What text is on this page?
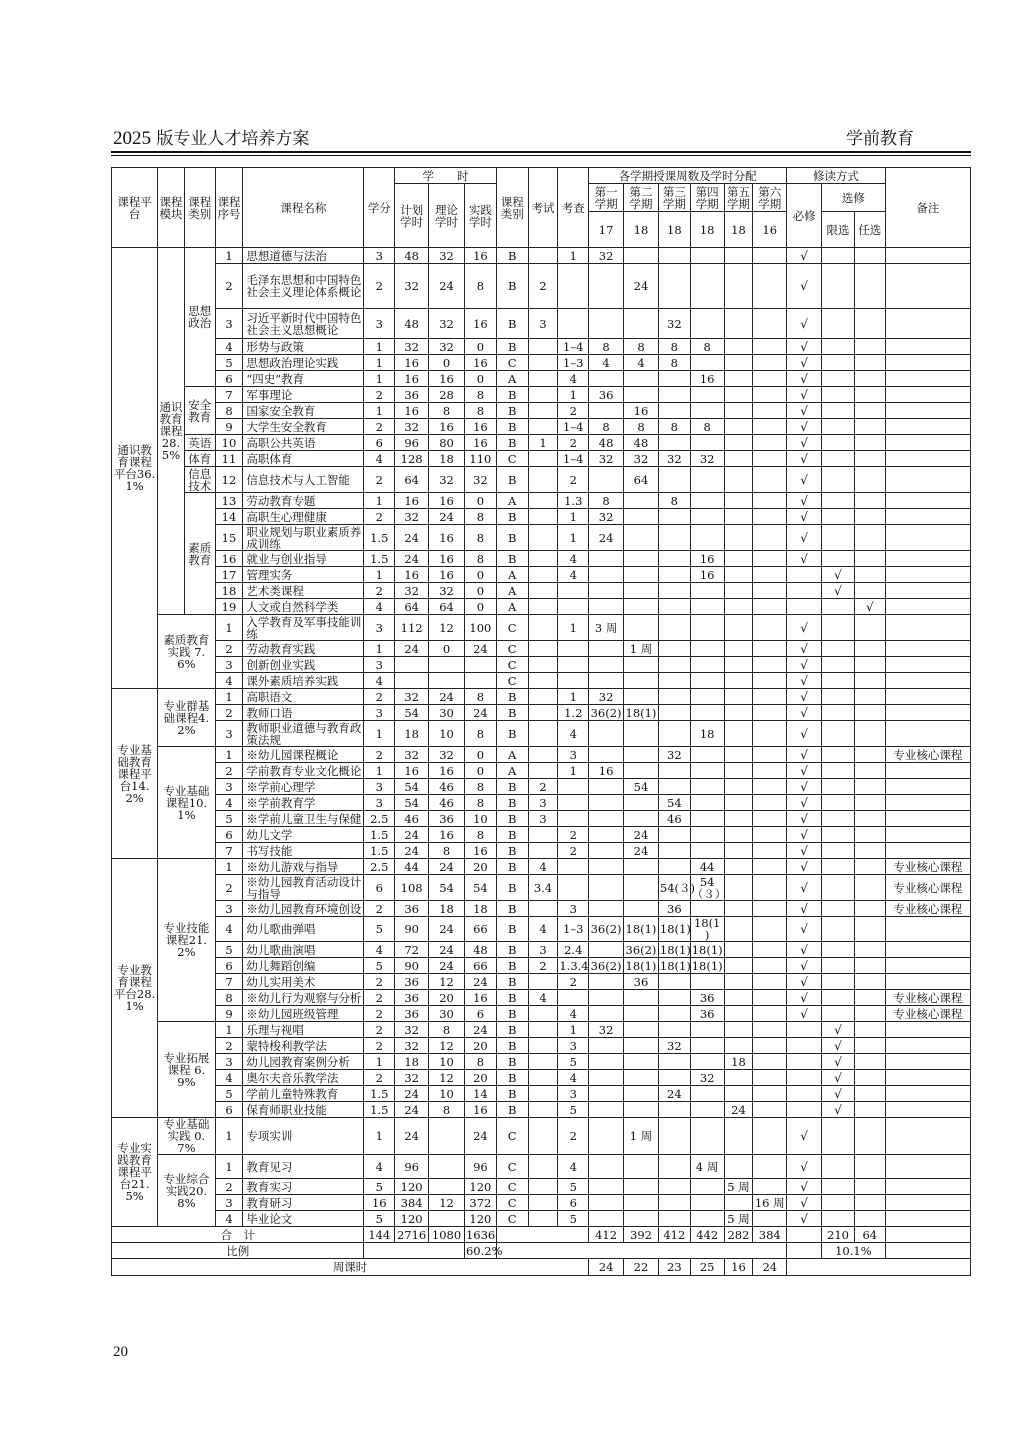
2025 版专业人才培养方案	学前教育
课程平台	课程模块	课程类别	课程序号	课程名称	学分	学　　时			课程类别	考试	考查	各学期授课周数及学时分配						修读方式			备注
						计划学时	理论学时	实践学时				第一学期	第二学期	第三学期	第四学期	第五学期	第六学期	必修	选修		
												17	18	18	18	18	16		限选	任选	
通识教育课程平台36.1%	通识教育课程28.5%	思想政治	1	思想道德与法治	3	48	32	16	B		1	32						√			
			2	毛泽东思想和中国特色社会主义理论体系概论	2	32	24	8	B	2			24					√			
			3	习近平新时代中国特色社会主义思想概论	3	48	32	16	B	3				32				√			
			4	形势与政策	1	32	32	0	B		1–4	8	8	8	8			√			
			5	思想政治理论实践	1	16	0	16	C		1–3	4	4	8				√			
			6	“四史”教育	1	16	16	0	A		4				16			√			
		安全教育	7	军事理论	2	36	28	8	B		1	36						√			
			8	国家安全教育	1	16	8	8	B		2		16					√			
			9	大学生安全教育	2	32	16	16	B		1–4	8	8	8	8			√			
		英语	10	高职公共英语	6	96	80	16	B	1	2	48	48					√			
		体育	11	高职体育	4	128	18	110	C		1–4	32	32	32	32			√			
		信息技术	12	信息技术与人工智能	2	64	32	32	B		2		64					√			
		素质教育	13	劳动教育专题	1	16	16	0	A		1.3	8		8				√			
			14	高职生心理健康	2	32	24	8	B		1	32						√			
			15	职业规划与职业素质养成训练	1.5	24	16	8	B		1	24						√			
			16	就业与创业指导	1.5	24	16	8	B		4				16			√			
			17	管理实务	1	16	16	0	A		4				16				√		
			18	艺术类课程	2	32	32	0	A										√		
			19	人文或自然科学类	4	64	64	0	A											√	
	素质教育实践 7.6%		1	入学教育及军事技能训练	3	112	12	100	C		1	3 周						√			
			2	劳动教育实践	1	24	0	24	C				1 周					√			
			3	创新创业实践	3				C									√			
			4	课外素质培养实践	4				C									√			
专业基础教育课程平台14.2%	专业群基础课程4.2%		1	高职语文	2	32	24	8	B		1	32						√			
			2	教师口语	3	54	30	24	B		1.2	36(2)	18(1)					√			
			3	教师职业道德与教育政策法规	1	18	10	8	B		4				18			√			
	专业基础课程10.1%		1	※幼儿园课程概论	2	32	32	0	A		3			32				√			专业核心课程
			2	学前教育专业文化概论	1	16	16	0	A		1	16						√			
			3	※学前心理学	3	54	46	8	B	2			54					√			
			4	※学前教育学	3	54	46	8	B	3				54				√			
			5	※学前儿童卫生与保健	2.5	46	36	10	B	3				46				√			
			6	幼儿文学	1.5	24	16	8	B		2		24					√			
			7	书写技能	1.5	24	8	16	B		2		24					√			
专业教育课程平台28.1%	专业技能课程21.2%		1	※幼儿游戏与指导	2.5	44	24	20	B	4					44			√			专业核心课程
			2	※幼儿园教育活动设计与指导	6	108	54	54	B	3.4				54(３)	54（３）			√			专业核心课程
			3	※幼儿园教育环境创设	2	36	18	18	B		3			36				√			专业核心课程
			4	幼儿歌曲弹唱	5	90	24	66	B	4	1–3	36(2)	18(1)	18(1)	18(1 )			√			
			5	幼儿歌曲演唱	4	72	24	48	B	3	2.4		36(2)	18(1)	18(1)			√			
			6	幼儿舞蹈创编	5	90	24	66	B	2	1.3.4	36(2)	18(1)	18(1)	18(1)			√			
			7	幼儿实用美术	2	36	12	24	B		2		36					√			
			8	※幼儿行为观察与分析	2	36	20	16	B	4					36			√			专业核心课程
			9	※幼儿园班级管理	2	36	30	6	B		4				36			√			专业核心课程
	专业拓展课程 6.9%		1	乐理与视唱	2	32	8	24	B		1	32							√		
			2	蒙特梭利教学法	2	32	12	20	B		3			32					√		
			3	幼儿园教育案例分析	1	18	10	8	B		5					18			√		
			4	奥尔夫音乐教学法	2	32	12	20	B		4				32				√		
			5	学前儿童特殊教育	1.5	24	10	14	B		3			24					√		
			6	保育师职业技能	1.5	24	8	16	B		5					24			√		
专业实践教育课程平台21.5%	专业基础实践 0.7%		1	专项实训	1	24		24	C		2		1 周					√			
	专业综合实践20.8%		1	教育见习	4	96		96	C		4				4 周			√			
			2	教育实习	5	120		120	C		5					5 周		√			
			3	教育研习	16	384	12	372	C		6						16 周	√			
			4	毕业论文	5	120		120	C		5					5 周		√			
合　计					144	2716	1080	1636				412	392	412	442	282	384		210	64	
比例								60.2%											10.1%		
周课时												24	22	23	25	16	24				
20
